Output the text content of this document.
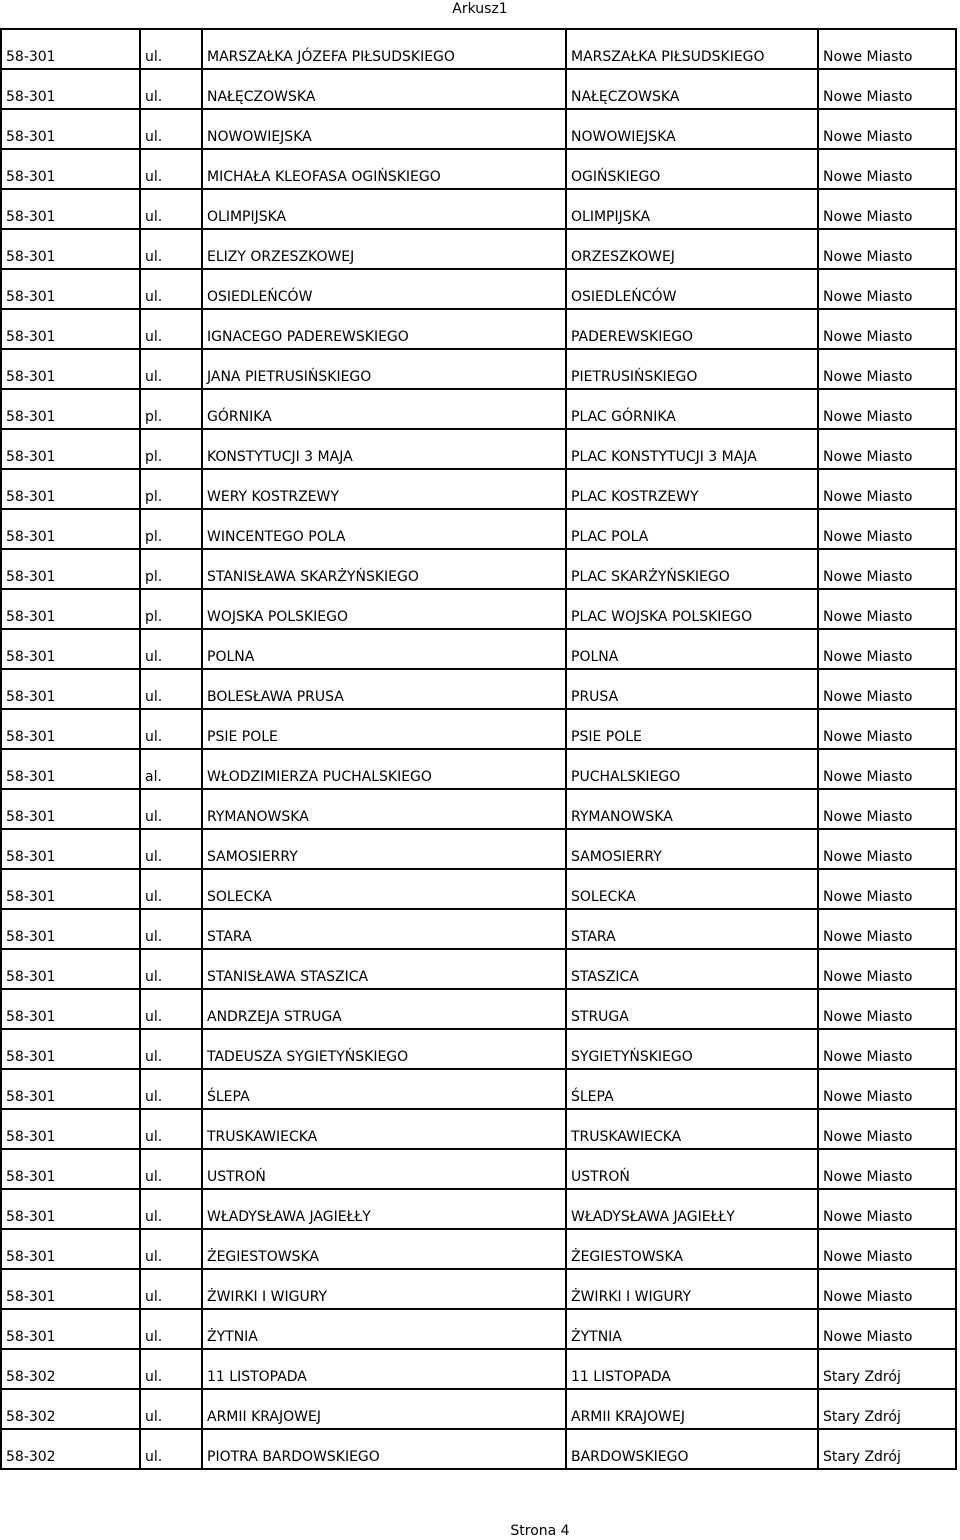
Arkusz1
58-301	ul.	MARSZAŁKA JÓZEFA PIŁSUDSKIEGO	MARSZAŁKA PIŁSUDSKIEGO	Nowe Miasto
58-301	ul.	NAŁĘCZOWSKA	NAŁĘCZOWSKA	Nowe Miasto
58-301	ul.	NOWOWIEJSKA	NOWOWIEJSKA	Nowe Miasto
58-301	ul.	MICHAŁA KLEOFASA OGIŃSKIEGO	OGIŃSKIEGO	Nowe Miasto
58-301	ul.	OLIMPIJSKA	OLIMPIJSKA	Nowe Miasto
58-301	ul.	ELIZY ORZESZKOWEJ	ORZESZKOWEJ	Nowe Miasto
58-301	ul.	OSIEDLEŃCÓW	OSIEDLEŃCÓW	Nowe Miasto
58-301	ul.	IGNACEGO PADEREWSKIEGO	PADEREWSKIEGO	Nowe Miasto
58-301	ul.	JANA PIETRUSIŃSKIEGO	PIETRUSIŃSKIEGO	Nowe Miasto
58-301	pl.	GÓRNIKA	PLAC GÓRNIKA	Nowe Miasto
58-301	pl.	KONSTYTUCJI 3 MAJA	PLAC KONSTYTUCJI 3 MAJA	Nowe Miasto
58-301	pl.	WERY KOSTRZEWY	PLAC KOSTRZEWY	Nowe Miasto
58-301	pl.	WINCENTEGO POLA	PLAC POLA	Nowe Miasto
58-301	pl.	STANISŁAWA SKARŻYŃSKIEGO	PLAC SKARŻYŃSKIEGO	Nowe Miasto
58-301	pl.	WOJSKA POLSKIEGO	PLAC WOJSKA POLSKIEGO	Nowe Miasto
58-301	ul.	POLNA	POLNA	Nowe Miasto
58-301	ul.	BOLESŁAWA PRUSA	PRUSA	Nowe Miasto
58-301	ul.	PSIE POLE	PSIE POLE	Nowe Miasto
58-301	al.	WŁODZIMIERZA PUCHALSKIEGO	PUCHALSKIEGO	Nowe Miasto
58-301	ul.	RYMANOWSKA	RYMANOWSKA	Nowe Miasto
58-301	ul.	SAMOSIERRY	SAMOSIERRY	Nowe Miasto
58-301	ul.	SOLECKA	SOLECKA	Nowe Miasto
58-301	ul.	STARA	STARA	Nowe Miasto
58-301	ul.	STANISŁAWA STASZICA	STASZICA	Nowe Miasto
58-301	ul.	ANDRZEJA STRUGA	STRUGA	Nowe Miasto
58-301	ul.	TADEUSZA SYGIETYŃSKIEGO	SYGIETYŃSKIEGO	Nowe Miasto
58-301	ul.	ŚLEPA	ŚLEPA	Nowe Miasto
58-301	ul.	TRUSKAWIECKA	TRUSKAWIECKA	Nowe Miasto
58-301	ul.	USTROŃ	USTROŃ	Nowe Miasto
58-301	ul.	WŁADYSŁAWA JAGIEŁŁY	WŁADYSŁAWA JAGIEŁŁY	Nowe Miasto
58-301	ul.	ŻEGIESTOWSKA	ŻEGIESTOWSKA	Nowe Miasto
58-301	ul.	ŻWIRKI I WIGURY	ŻWIRKI I WIGURY	Nowe Miasto
58-301	ul.	ŻYTNIA	ŻYTNIA	Nowe Miasto
58-302	ul.	11 LISTOPADA	11 LISTOPADA	Stary Zdrój
58-302	ul.	ARMII KRAJOWEJ	ARMII KRAJOWEJ	Stary Zdrój
58-302	ul.	PIOTRA BARDOWSKIEGO	BARDOWSKIEGO	Stary Zdrój
Strona 4
